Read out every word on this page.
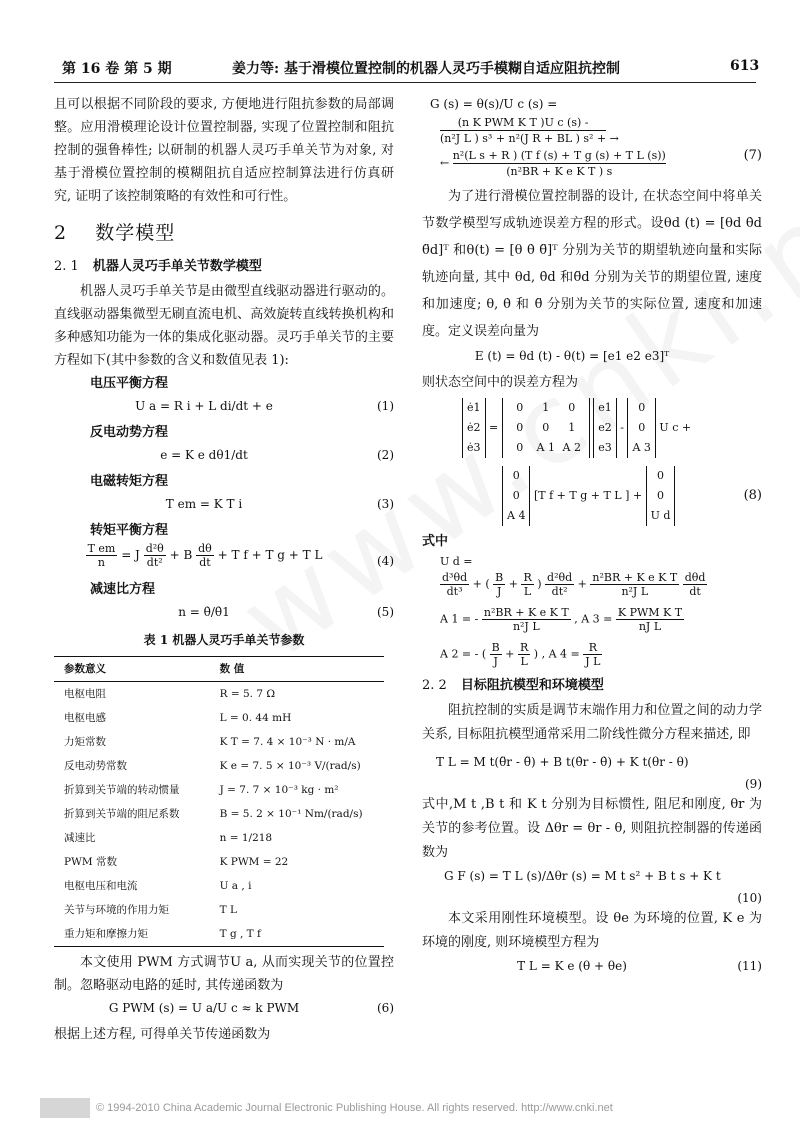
第 16 卷 第 5 期	姜力等: 基于滑模位置控制的机器人灵巧手模糊自适应阻抗控制	613

且可以根据不同阶段的要求, 方便地进行阻抗参数的局部调整。应用滑模理论设计位置控制器, 实现了位置控制和阻抗控制的强鲁棒性; 以研制的机器人灵巧手单关节为对象, 对基于滑模位置控制的模糊阻抗自适应控制算法进行仿真研究, 证明了该控制策略的有效性和可行性。

2 数学模型
2. 1 机器人灵巧手单关节数学模型

机器人灵巧手单关节是由微型直线驱动器进行驱动的。直线驱动器集微型无刷直流电机、高效旋转直线转换机构和多种感知功能为一体的集成化驱动器。灵巧手单关节的主要方程如下(其中参数的含义和数值见表 1):

电压平衡方程
U a = R i + L di/dt + e	(1)
反电动势方程
e = K e dθ1/dt	(2)
电磁转矩方程
T em = K T i	(3)
转矩平衡方程
$\frac{\text{T em}}{n} = J \frac{\text{d²θ}}{\text{dt²}} + B \frac{d\theta}{dt} + T$ f + T g + T L	(4)
减速比方程
n = θ̇/θ̇1	(5)
表 1 机器人灵巧手单关节参数
参数意义	数 值
电枢电阻	R = 5. 7 Ω
电枢电感	L = 0. 44 mH
力矩常数	K T = 7. 4 × 10⁻³ N · m/A
反电动势常数	K e = 7. 5 × 10⁻³ V/(rad/s)
折算到关节端的转动惯量	J = 7. 7 × 10⁻³ kg · m²
折算到关节端的阻尼系数	B = 5. 2 × 10⁻¹ Nm/(rad/s)
减速比	n = 1/218
PWM 常数	K PWM = 22
电枢电压和电流	U a , i
关节与环境的作用力矩	T L
重力矩和摩擦力矩	T g , T f

本文使用 PWM 方式调节U a, 从而实现关节的位置控制。忽略驱动电路的延时, 其传递函数为

G PWM (s) = U a/U c ≈ k PWM	(6)

根据上述方程, 可得单关节传递函数为

G (s) = θ(s)/U c (s) =
(n K PWM K T )U c (s) -
(n²J L ) s³ + n²(J R + BL ) s² + →
← $\frac{\text{n²(L s + R ) (T f (s) + T g (s) + T L (s))}}{\text{(n²BR + K e K T ) s}}$	(7)

为了进行滑模位置控制器的设计, 在状态空间中将单关节数学模型写成轨迹误差方程的形式。设θd (t) = [θd θ̇d θ̈d]ᵀ 和θ(t) = [θ θ̇ θ̈]ᵀ 分别为关节的期望轨迹向量和实际轨迹向量, 其中 θd, θ̇d 和θ̈d 分别为关节的期望位置, 速度和加速度; θ, θ̇ 和 θ̈ 分别为关节的实际位置, 速度和加速度。定义误差向量为

E (t) = θd (t) - θ(t) = [e1 e2 e3]ᵀ

则状态空间中的误差方程为

ė1
ė2
ė3
=
0 1 0
0 0 1
0 A 1 A 2

e1
e2
e3
-
0
0
A 3
U c +
0
0
A 4
[T f + T g + T L ] +
0
0
U d
(8)

式中

U d =
$\frac{\text{d³θd}}{\text{dt³}}$ + ( $\frac{B}{J} + \frac{R}{L}$ ) $\frac{\text{d²θd}}{\text{dt²}} + \frac{\text{n²BR + K e K T}}{\text{n²J L}}$
$\frac{\text{dθd}}{dt}$
A 1 = - $\frac{\text{n²BR + K e K T}}{\text{n²J L}}$ , A $3 = \frac{\text{K PWM K T}}{\text{nJ L}}$
A 2 = - ( $\frac{B}{J} + \frac{R}{L}$ ) , A $4 = \frac{R}{\text{J L}}$
2. 2 目标阻抗模型和环境模型

阻抗控制的实质是调节末端作用力和位置之间的动力学关系, 目标阻抗模型通常采用二阶线性微分方程来描述, 即

T L = M t(θ̈r - θ̈) + B t(θ̇r - θ̇) + K t(θr - θ)
(9)

式中,M t ,B t 和 K t 分别为目标惯性, 阻尼和刚度, θr 为关节的参考位置。设 Δθr = θr - θ, 则阻抗控制器的传递函数为

G F (s) = T L (s)/Δθr (s) = M t s² + B t s + K t
(10)

本文采用刚性环境模型。设 θe 为环境的位置, K e 为环境的刚度, 则环境模型方程为

T L = K e (θ + θe)	(11)
© 1994-2010 China Academic Journal Electronic Publishing House. All rights reserved. http://www.cnki.net
